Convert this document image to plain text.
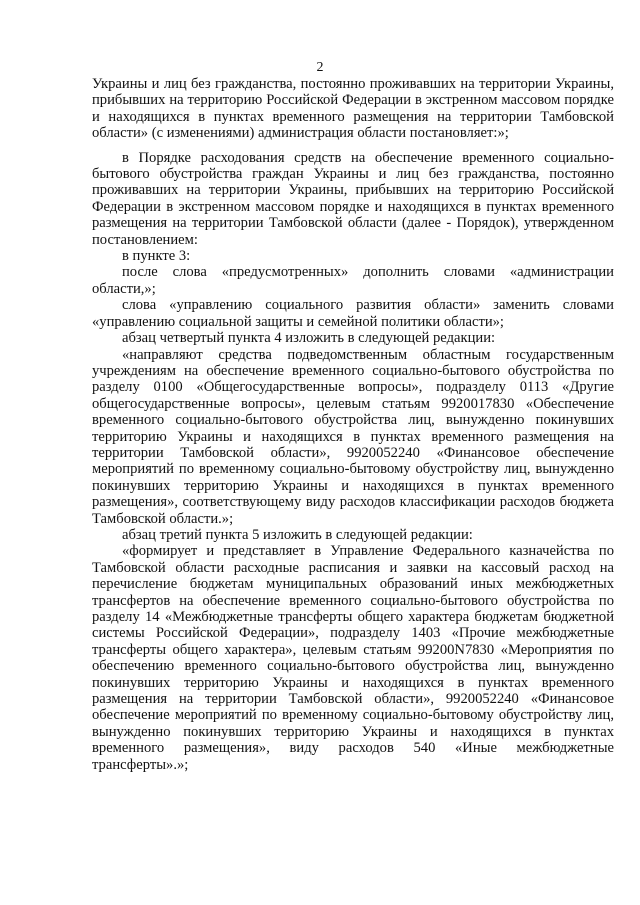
2

Украины и лиц без гражданства, постоянно проживавших на территории Украины, прибывших на территорию Российской Федерации в экстренном массовом порядке и находящихся в пунктах временного размещения на территории Тамбовской области» (с изменениями) администрация области постановляет:»;

в Порядке расходования средств на обеспечение временного социально-бытового обустройства граждан Украины и лиц без гражданства, постоянно проживавших на территории Украины, прибывших на территорию Российской Федерации в экстренном массовом порядке и находящихся в пунктах временного размещения на территории Тамбовской области (далее - Порядок), утвержденном постановлением:

в пункте 3:

после слова «предусмотренных» дополнить словами «администрации области,»;

слова «управлению социального развития области» заменить словами «управлению социальной защиты и семейной политики области»;

абзац четвертый пункта 4 изложить в следующей редакции:

«направляют средства подведомственным областным государственным учреждениям на обеспечение временного социально-бытового обустройства по разделу 0100 «Общегосударственные вопросы», подразделу 0113 «Другие общегосударственные вопросы», целевым статьям 9920017830 «Обеспечение временного социально-бытового обустройства лиц, вынужденно покинувших территорию Украины и находящихся в пунктах временного размещения на территории Тамбовской области», 9920052240 «Финансовое обеспечение мероприятий по временному социально-бытовому обустройству лиц, вынужденно покинувших территорию Украины и находящихся в пунктах временного размещения», соответствующему виду расходов классификации расходов бюджета Тамбовской области.»;

абзац третий пункта 5 изложить в следующей редакции:

«формирует и представляет в Управление Федерального казначейства по Тамбовской области расходные расписания и заявки на кассовый расход на перечисление бюджетам муниципальных образований иных межбюджетных трансфертов на обеспечение временного социально-бытового обустройства по разделу 14 «Межбюджетные трансферты общего характера бюджетам бюджетной системы Российской Федерации», подразделу 1403 «Прочие межбюджетные трансферты общего характера», целевым статьям 99200N7830 «Мероприятия по обеспечению временного социально-бытового обустройства лиц, вынужденно покинувших территорию Украины и находящихся в пунктах временного размещения на территории Тамбовской области», 9920052240 «Финансовое обеспечение мероприятий по временному социально-бытовому обустройству лиц, вынужденно покинувших территорию Украины и находящихся в пунктах временного размещения», виду расходов 540 «Иные межбюджетные трансферты».»;
